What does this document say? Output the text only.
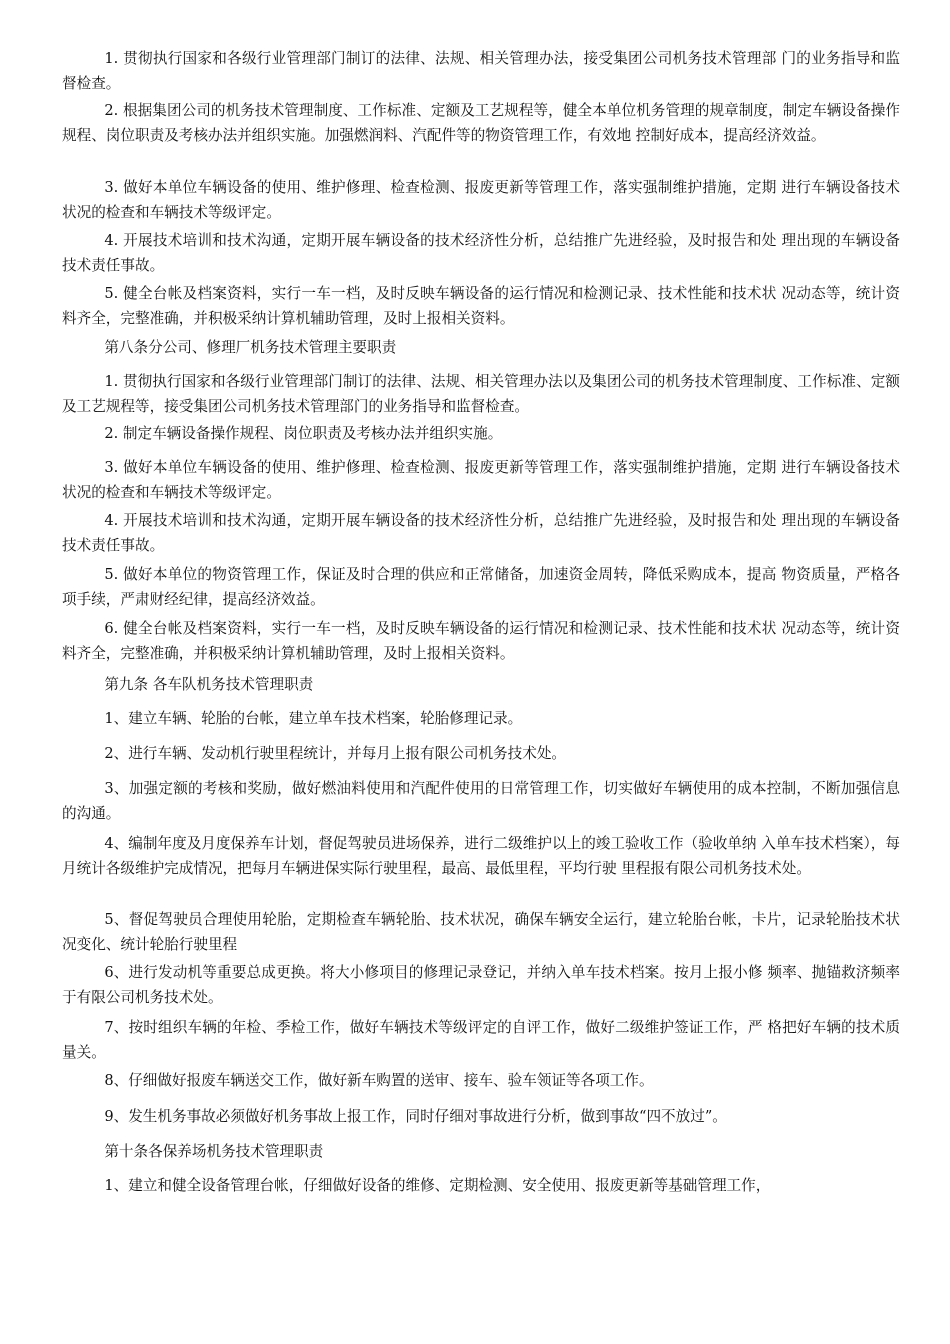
1. 贯彻执行国家和各级行业管理部门制订的法律、法规、相关管理办法，接受集团公司机务技术管理部 门的业务指导和监督检查。

2. 根据集团公司的机务技术管理制度、工作标准、定额及工艺规程等，健全本单位机务管理的规章制度，制定车辆设备操作规程、岗位职责及考核办法并组织实施。加强燃润料、汽配件等的物资管理工作，有效地 控制好成本，提高经济效益。

3. 做好本单位车辆设备的使用、维护修理、检查检测、报废更新等管理工作，落实强制维护措施，定期 进行车辆设备技术状况的检查和车辆技术等级评定。

4. 开展技术培训和技术沟通，定期开展车辆设备的技术经济性分析，总结推广先进经验，及时报告和处 理出现的车辆设备技术责任事故。

5. 健全台帐及档案资料，实行一车一档，及时反映车辆设备的运行情况和检测记录、技术性能和技术状 况动态等，统计资料齐全，完整准确，并积极采纳计算机辅助管理，及时上报相关资料。

第八条分公司、修理厂机务技术管理主要职责

1. 贯彻执行国家和各级行业管理部门制订的法律、法规、相关管理办法以及集团公司的机务技术管理制度、工作标准、定额及工艺规程等，接受集团公司机务技术管理部门的业务指导和监督检查。

2. 制定车辆设备操作规程、岗位职责及考核办法并组织实施。

3. 做好本单位车辆设备的使用、维护修理、检查检测、报废更新等管理工作，落实强制维护措施，定期 进行车辆设备技术状况的检查和车辆技术等级评定。

4. 开展技术培训和技术沟通，定期开展车辆设备的技术经济性分析，总结推广先进经验，及时报告和处 理出现的车辆设备技术责任事故。

5. 做好本单位的物资管理工作，保证及时合理的供应和正常储备，加速资金周转，降低采购成本，提高 物资质量，严格各项手续，严肃财经纪律，提高经济效益。

6. 健全台帐及档案资料，实行一车一档，及时反映车辆设备的运行情况和检测记录、技术性能和技术状 况动态等，统计资料齐全，完整准确，并积极采纳计算机辅助管理，及时上报相关资料。

第九条 各车队机务技术管理职责

1、建立车辆、轮胎的台帐，建立单车技术档案，轮胎修理记录。

2、进行车辆、发动机行驶里程统计，并每月上报有限公司机务技术处。

3、加强定额的考核和奖励，做好燃油料使用和汽配件使用的日常管理工作，切实做好车辆使用的成本控制，不断加强信息的沟通。

4、编制年度及月度保养车计划，督促驾驶员进场保养，进行二级维护以上的竣工验收工作（验收单纳 入单车技术档案），每月统计各级维护完成情况，把每月车辆进保实际行驶里程，最高、最低里程，平均行驶 里程报有限公司机务技术处。

5、督促驾驶员合理使用轮胎，定期检查车辆轮胎、技术状况，确保车辆安全运行，建立轮胎台帐，卡片，记录轮胎技术状况变化、统计轮胎行驶里程

6、进行发动机等重要总成更换。将大小修项目的修理记录登记，并纳入单车技术档案。按月上报小修 频率、抛锚救济频率于有限公司机务技术处。

7、按时组织车辆的年检、季检工作，做好车辆技术等级评定的自评工作，做好二级维护签证工作，严 格把好车辆的技术质量关。

8、仔细做好报废车辆送交工作，做好新车购置的送审、接车、验车领证等各项工作。

9、发生机务事故必须做好机务事故上报工作，同时仔细对事故进行分析，做到事故“四不放过”。

第十条各保养场机务技术管理职责

1、建立和健全设备管理台帐，仔细做好设备的维修、定期检测、安全使用、报废更新等基础管理工作，
